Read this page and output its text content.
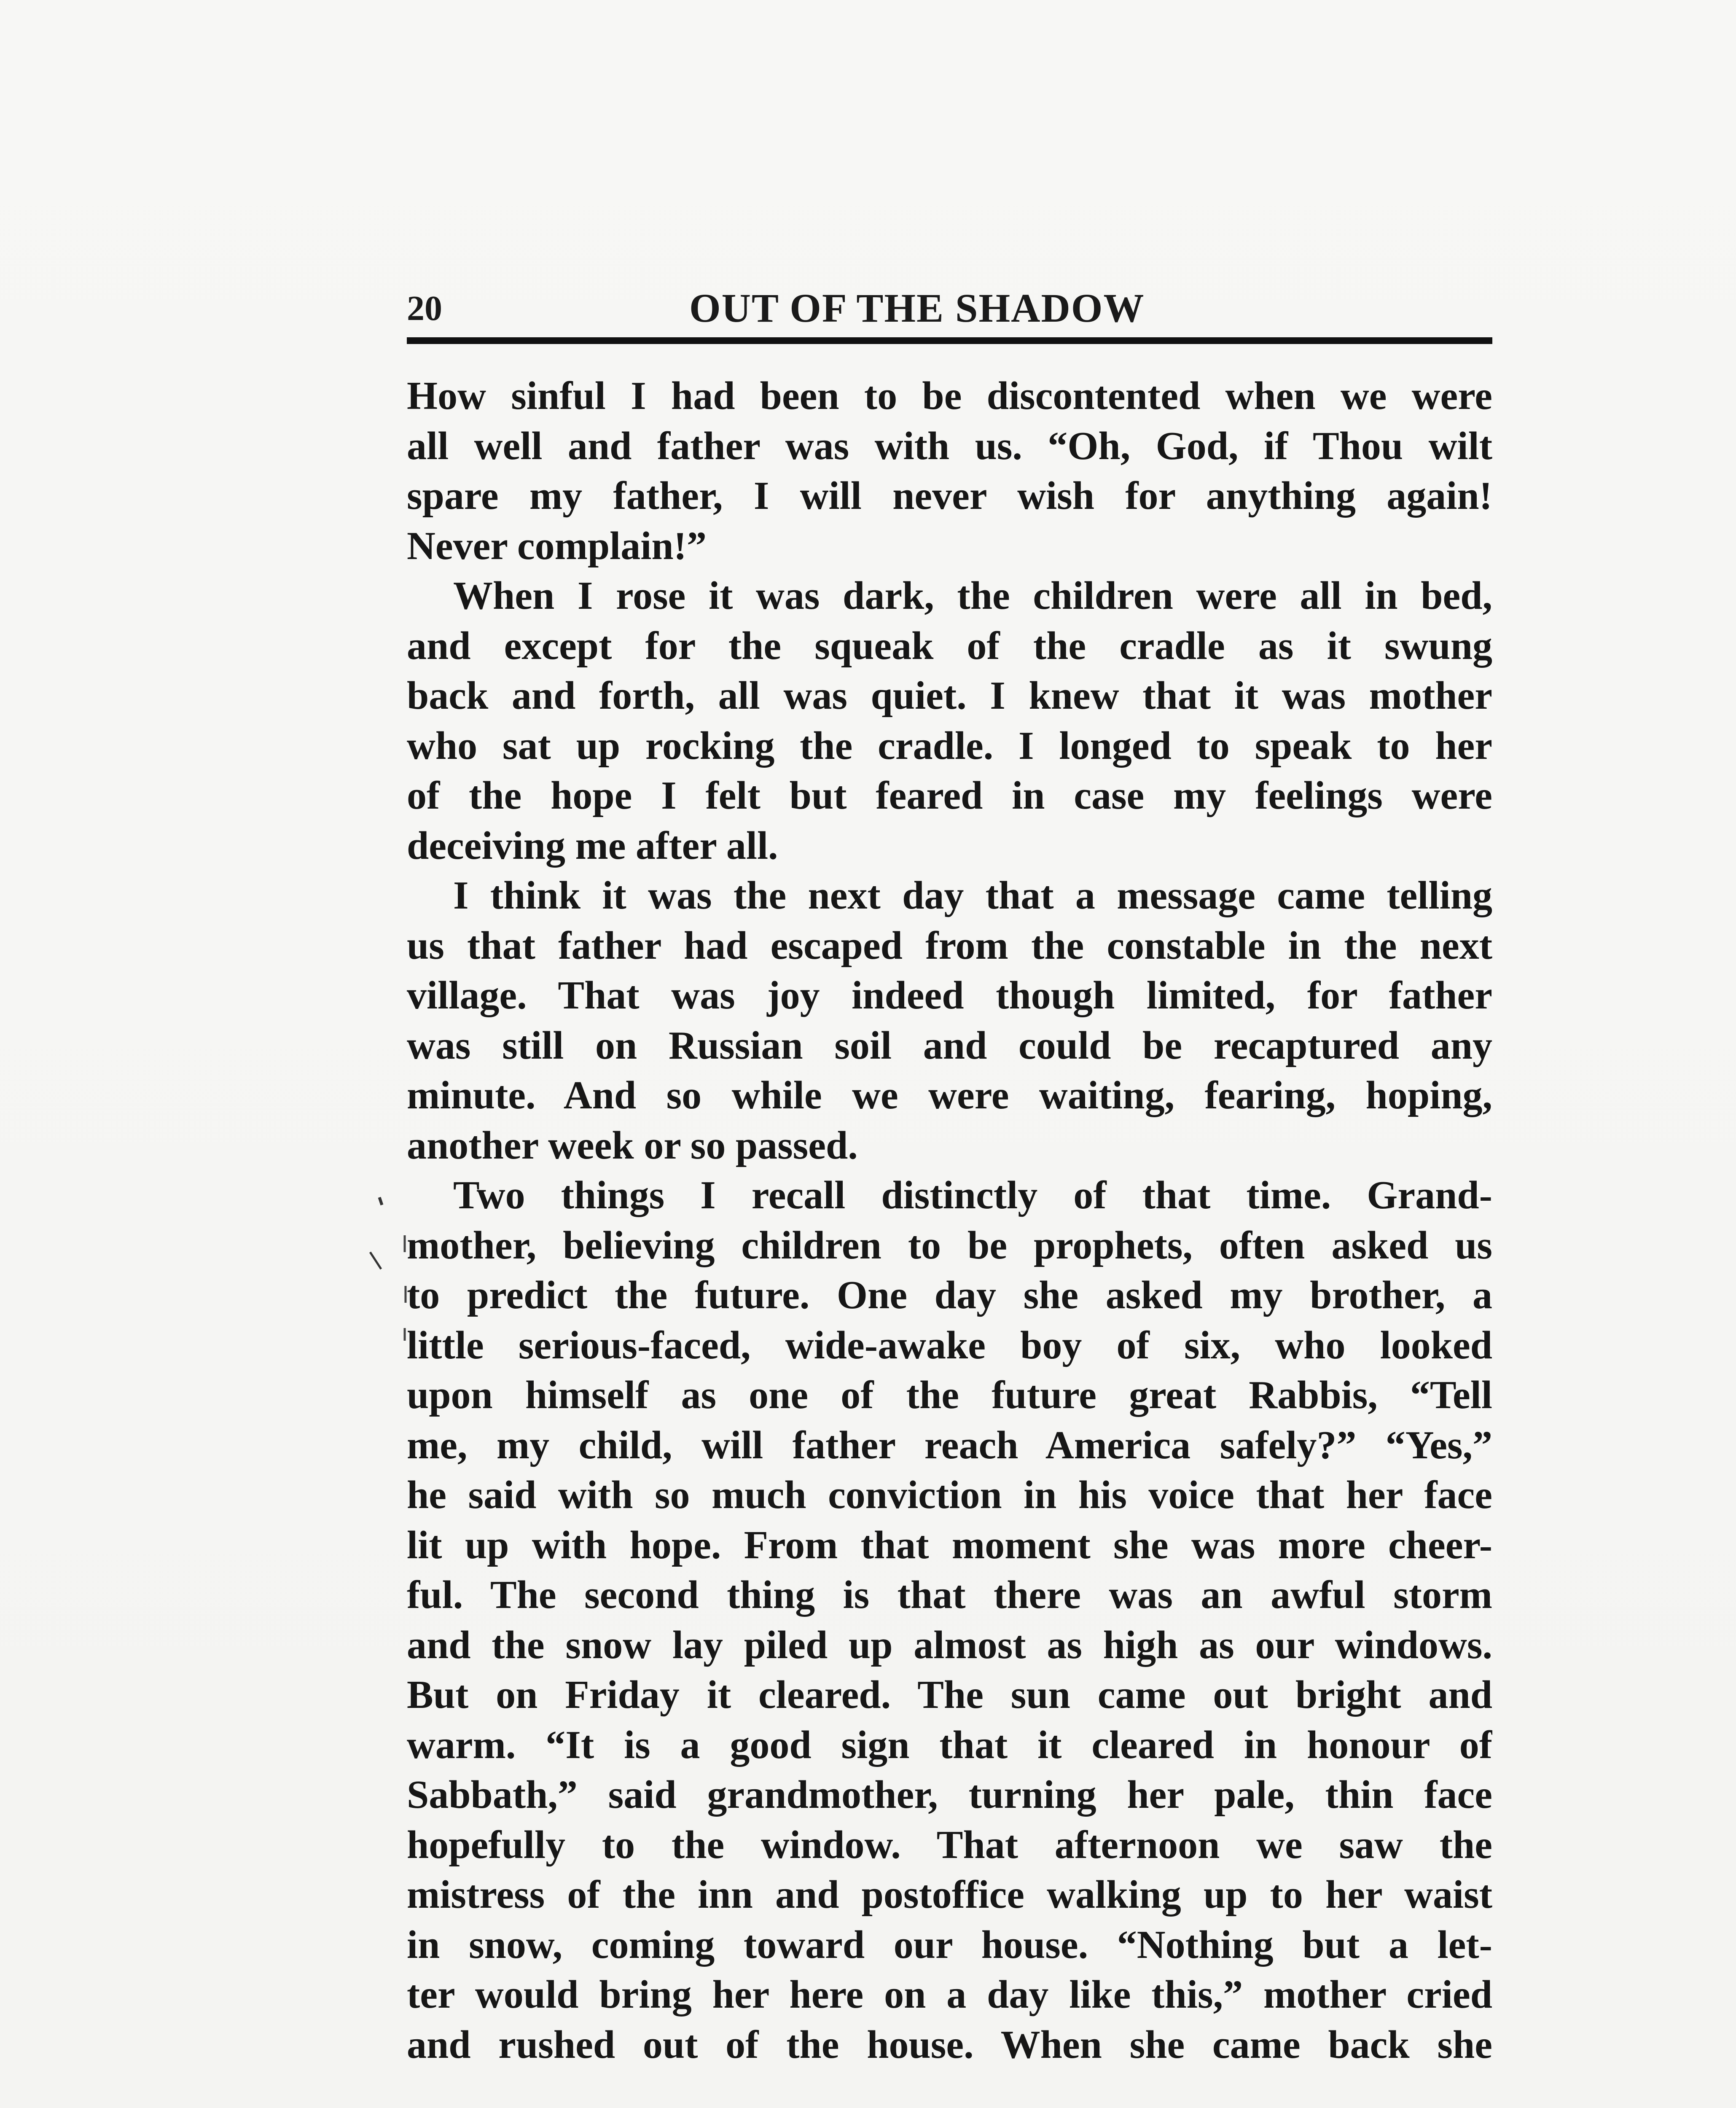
20	OUT OF THE SHADOW
How sinful I had been to be discontented when we were
all well and father was with us. “Oh, God, if Thou wilt
spare my father, I will never wish for anything again!
Never complain!”
When I rose it was dark, the children were all in bed,
and except for the squeak of the cradle as it swung
back and forth, all was quiet. I knew that it was mother
who sat up rocking the cradle. I longed to speak to her
of the hope I felt but feared in case my feelings were
deceiving me after all.
I think it was the next day that a message came telling
us that father had escaped from the constable in the next
village. That was joy indeed though limited, for father
was still on Russian soil and could be recaptured any
minute. And so while we were waiting, fearing, hoping,
another week or so passed.
Two things I recall distinctly of that time. Grand-
mother, believing children to be prophets, often asked us
to predict the future. One day she asked my brother, a
little serious-faced, wide-awake boy of six, who looked
upon himself as one of the future great Rabbis, “Tell
me, my child, will father reach America safely?” “Yes,”
he said with so much conviction in his voice that her face
lit up with hope. From that moment she was more cheer-
ful. The second thing is that there was an awful storm
and the snow lay piled up almost as high as our windows.
But on Friday it cleared. The sun came out bright and
warm. “It is a good sign that it cleared in honour of
Sabbath,” said grandmother, turning her pale, thin face
hopefully to the window. That afternoon we saw the
mistress of the inn and postoffice walking up to her waist
in snow, coming toward our house. “Nothing but a let-
ter would bring her here on a day like this,” mother cried
and rushed out of the house. When she came back she
